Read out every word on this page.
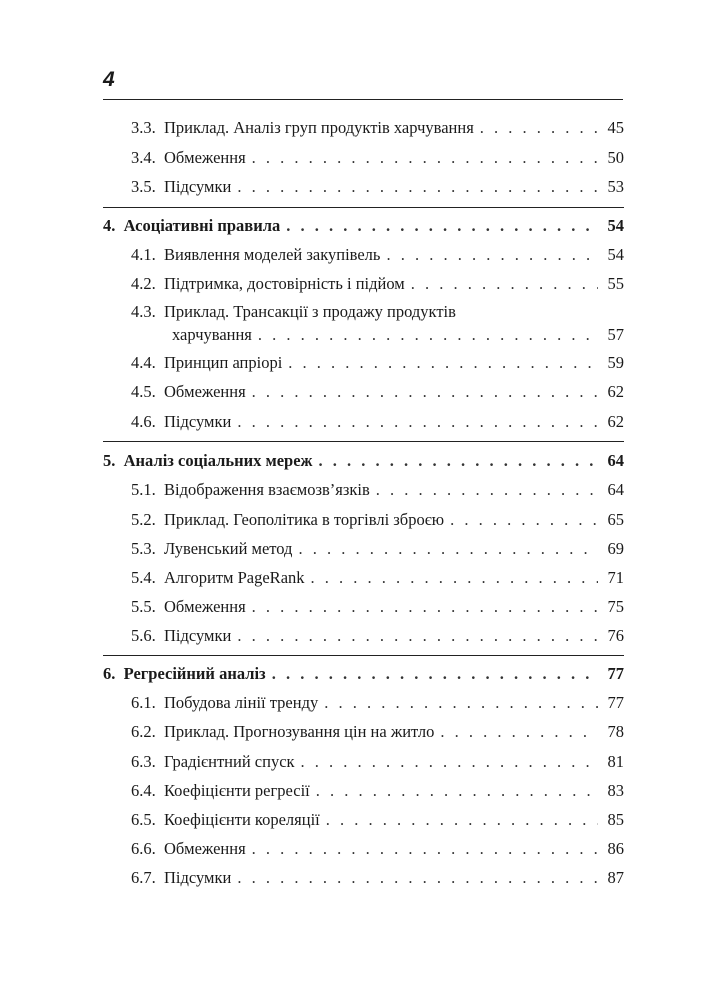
4
3.3.
Приклад. Аналіз груп продуктів харчування . . .	45
3.4.
Обмеження . . .	50
3.5.
Підсумки . . .	53
4.
Асоціативні правила . . .	54
4.1.
Виявлення моделей закупівель . . .	54
4.2.
Підтримка, достовірність і підйом . . .	55
4.3. Приклад. Трансакції з продажу продуктів
харчування . . .	57
4.4.
Принцип апріорі . . .	59
4.5.
Обмеження . . .	62
4.6.
Підсумки . . .	62
5.
Аналіз соціальних мереж . . .	64
5.1.
Відображення взаємозв’язків . . .	64
5.2.
Приклад. Геополітика в торгівлі зброєю . . .	65
5.3.
Лувенський метод . . .	69
5.4.
Алгоритм PageRank . . .	71
5.5.
Обмеження . . .	75
5.6.
Підсумки . . .	76
6.
Регресійний аналіз . . .	77
6.1.
Побудова лінії тренду . . .	77
6.2.
Приклад. Прогнозування цін на житло . . .	78
6.3.
Градієнтний спуск . . .	81
6.4.
Коефіцієнти регресії . . .	83
6.5.
Коефіцієнти кореляції . . .	85
6.6.
Обмеження . . .	86
6.7.
Підсумки . . .	87
